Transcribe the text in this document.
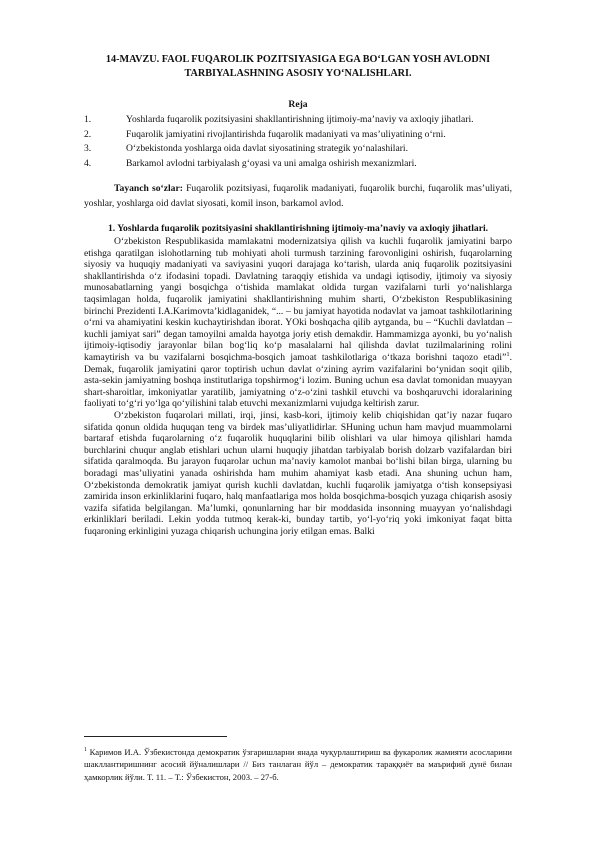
14-MAVZU. FAOL FUQAROLIK POZITSIYASIGA EGA BO‘LGAN YOSH AVLODNI TARBIYALASHNING ASOSIY YO‘NALISHLARI.

Reja
1.	Yoshlarda fuqarolik pozitsiyasini shakllantirishning ijtimoiy-ma’naviy va axloqiy jihatlari.
2.	Fuqarolik jamiyatini rivojlantirishda fuqarolik madaniyati va mas’uliyatining o‘rni.
3.	O‘zbekistonda yoshlarga oida davlat siyosatining strategik yo‘nalashilari.
4.	Barkamol avlodni tarbiyalash g‘oyasi va uni amalga oshirish mexanizmlari.
Tayanch so‘zlar: Fuqarolik pozitsiyasi, fuqarolik madaniyati, fuqarolik burchi, fuqarolik mas’uliyati, yoshlar, yoshlarga oid davlat siyosati, komil inson, barkamol avlod.
1. Yoshlarda fuqarolik pozitsiyasini shakllantirishning ijtimoiy-ma’naviy va axloqiy jihatlari.

O‘zbekiston Respublikasida mamlakatni modernizatsiya qilish va kuchli fuqarolik jamiyatini barpo etishga qaratilgan islohotlarning tub mohiyati aholi turmush tarzining farovonligini oshirish, fuqarolarning siyosiy va huquqiy madaniyati va saviyasini yuqori darajaga ko‘tarish, ularda aniq fuqarolik pozitsiyasini shakllantirishda o‘z ifodasini topadi. Davlatning taraqqiy etishida va undagi iqtisodiy, ijtimoiy va siyosiy munosabatlarning yangi bosqichga o‘tishida mamlakat oldida turgan vazifalarni turli yo‘nalishlarga taqsimlagan holda, fuqarolik jamiyatini shakllantirishning muhim sharti, O‘zbekiston Respublikasining birinchi Prezidenti I.A.Karimovta’kidlaganidek, “... – bu jamiyat hayotida nodavlat va jamoat tashkilotlarining o‘rni va ahamiyatini keskin kuchaytirishdan iborat. YOki boshqacha qilib aytganda, bu – “Kuchli davlatdan – kuchli jamiyat sari” degan tamoyilni amalda hayotga joriy etish demakdir. Hammamizga ayonki, bu yo‘nalish ijtimoiy-iqtisodiy jarayonlar bilan bog‘liq ko‘p masalalarni hal qilishda davlat tuzilmalarining rolini kamaytirish va bu vazifalarni bosqichma-bosqich jamoat tashkilotlariga o‘tkaza borishni taqozo etadi”$^1$. Demak, fuqarolik jamiyatini qaror toptirish uchun davlat o‘zining ayrim vazifalarini bo‘ynidan soqit qilib, asta-sekin jamiyatning boshqa institutlariga topshirmog‘i lozim. Buning uchun esa davlat tomonidan muayyan shart-sharoitlar, imkoniyatlar yaratilib, jamiyatning o‘z-o‘zini tashkil etuvchi va boshqaruvchi idoralarining faoliyati to‘g‘ri yo‘lga qo‘yilishini talab etuvchi mexanizmlarni vujudga keltirish zarur.

O‘zbekiston fuqarolari millati, irqi, jinsi, kasb-kori, ijtimoiy kelib chiqishidan qat’iy nazar fuqaro sifatida qonun oldida huquqan teng va birdek mas’uliyatlidirlar. SHuning uchun ham mavjud muammolarni bartaraf etishda fuqarolarning o‘z fuqarolik huquqlarini bilib olishlari va ular himoya qilishlari hamda burchlarini chuqur anglab etishlari uchun ularni huquqiy jihatdan tarbiyalab borish dolzarb vazifalardan biri sifatida qaralmoqda. Bu jarayon fuqarolar uchun ma’naviy kamolot manbai bo‘lishi bilan birga, ularning bu boradagi mas’uliyatini yanada oshirishda ham muhim ahamiyat kasb etadi. Ana shuning uchun ham, O‘zbekistonda demokratik jamiyat qurish kuchli davlatdan, kuchli fuqarolik jamiyatga o‘tish konsepsiyasi zamirida inson erkinliklarini fuqaro, halq manfaatlariga mos holda bosqichma-bosqich yuzaga chiqarish asosiy vazifa sifatida belgilangan. Ma’lumki, qonunlarning har bir moddasida insonning muayyan yo‘nalishdagi erkinliklari beriladi. Lekin yodda tutmoq kerak-ki, bunday tartib, yo‘l-yo‘riq yoki imkoniyat faqat bitta fuqaroning erkinligini yuzaga chiqarish uchungina joriy etilgan emas. Balki

$^1$ Каримов И.А. Ўзбекистонда демократик ўзгаришларни янада чуқурлаштириш ва фукаролик жамияти асосларини шакллантиришнинг асосий йўналишлари // Биз танлаган йўл – демократик тараққиёт ва маърифий дунё билан ҳамкорлик йўли. Т. 11. – Т.: Ўзбекистон, 2003. – 27-б.
